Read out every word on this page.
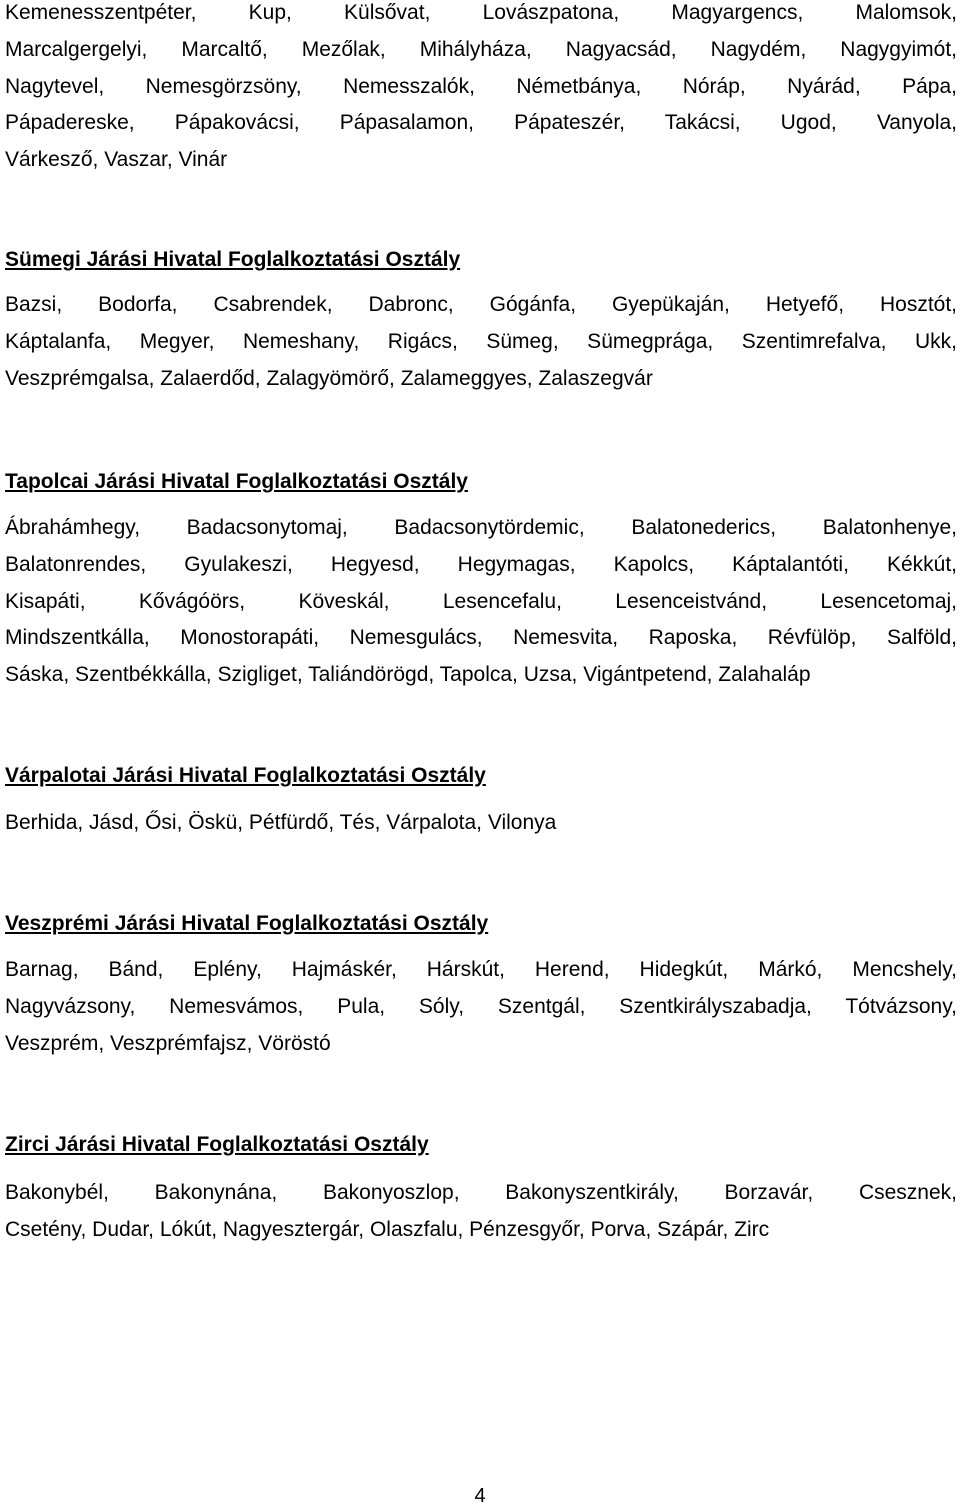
Kemenesszentpéter, Kup, Külsővat, Lovászpatona, Magyargencs, Malomsok,
Marcalgergelyi, Marcaltő, Mezőlak, Mihályháza, Nagyacsád, Nagydém, Nagygyimót,
Nagytevel, Nemesgörzsöny, Nemesszalók, Németbánya, Nóráp, Nyárád, Pápa,
Pápadereske, Pápakovácsi, Pápasalamon, Pápateszér, Takácsi, Ugod, Vanyola,
Várkesző, Vaszar, Vinár
Sümegi Járási Hivatal Foglalkoztatási Osztály
Bazsi, Bodorfa, Csabrendek, Dabronc, Gógánfa, Gyepükaján, Hetyefő, Hosztót,
Káptalanfa, Megyer, Nemeshany, Rigács, Sümeg, Sümegprága, Szentimrefalva, Ukk,
Veszprémgalsa, Zalaerdőd, Zalagyömörő, Zalameggyes, Zalaszegvár
Tapolcai Járási Hivatal Foglalkoztatási Osztály
Ábrahámhegy, Badacsonytomaj, Badacsonytördemic, Balatonederics, Balatonhenye,
Balatonrendes, Gyulakeszi, Hegyesd, Hegymagas, Kapolcs, Káptalantóti, Kékkút,
Kisapáti, Kővágóörs, Köveskál, Lesencefalu, Lesenceistvánd, Lesencetomaj,
Mindszentkálla, Monostorapáti, Nemesgulács, Nemesvita, Raposka, Révfülöp, Salföld,
Sáska, Szentbékkálla, Szigliget, Taliándörögd, Tapolca, Uzsa, Vigántpetend, Zalahaláp
Várpalotai Járási Hivatal Foglalkoztatási Osztály
Berhida, Jásd, Ősi, Öskü, Pétfürdő, Tés, Várpalota, Vilonya
Veszprémi Járási Hivatal Foglalkoztatási Osztály
Barnag, Bánd, Eplény, Hajmáskér, Hárskút, Herend, Hidegkút, Márkó, Mencshely,
Nagyvázsony, Nemesvámos, Pula, Sóly, Szentgál, Szentkirályszabadja, Tótvázsony,
Veszprém, Veszprémfajsz, Vöröstó
Zirci Járási Hivatal Foglalkoztatási Osztály
Bakonybél, Bakonynána, Bakonyoszlop, Bakonyszentkirály, Borzavár, Csesznek,
Csetény, Dudar, Lókút, Nagyesztergár, Olaszfalu, Pénzesgyőr, Porva, Szápár, Zirc
4
